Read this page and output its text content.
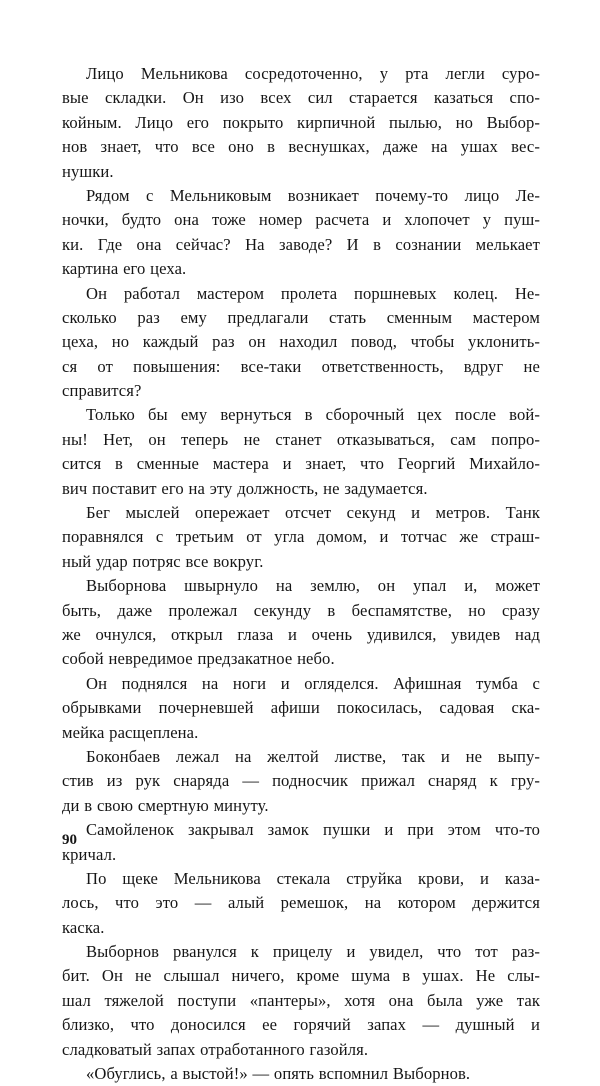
Лицо Мельникова сосредоточенно, у рта легли суро-
вые складки. Он изо всех сил старается казаться спо-
койным. Лицо его покрыто кирпичной пылью, но Выбор-
нов знает, что все оно в веснушках, даже на ушах вес-
нушки.
Рядом с Мельниковым возникает почему-то лицо Ле-
ночки, будто она тоже номер расчета и хлопочет у пуш-
ки. Где она сейчас? На заводе? И в сознании мелькает
картина его цеха.
Он работал мастером пролета поршневых колец. Не-
сколько раз ему предлагали стать сменным мастером
цеха, но каждый раз он находил повод, чтобы уклонить-
ся от повышения: все-таки ответственность, вдруг не
справится?
Только бы ему вернуться в сборочный цех после вой-
ны! Нет, он теперь не станет отказываться, сам попро-
сится в сменные мастера и знает, что Георгий Михайло-
вич поставит его на эту должность, не задумается.
Бег мыслей опережает отсчет секунд и метров. Танк
поравнялся с третьим от угла домом, и тотчас же страш-
ный удар потряс все вокруг.
Выборнова швырнуло на землю, он упал и, может
быть, даже пролежал секунду в беспамятстве, но сразу
же очнулся, открыл глаза и очень удивился, увидев над
собой невредимое предзакатное небо.
Он поднялся на ноги и огляделся. Афишная тумба с
обрывками почерневшей афиши покосилась, садовая ска-
мейка расщеплена.
Боконбаев лежал на желтой листве, так и не выпу-
стив из рук снаряда — подносчик прижал снаряд к гру-
ди в свою смертную минуту.
Самойленок закрывал замок пушки и при этом что-то
кричал.
По щеке Мельникова стекала струйка крови, и каза-
лось, что это — алый ремешок, на котором держится
каска.
Выборнов рванулся к прицелу и увидел, что тот раз-
бит. Он не слышал ничего, кроме шума в ушах. Не слы-
шал тяжелой поступи «пантеры», хотя она была уже так
близко, что доносился ее горячий запах — душный и
сладковатый запах отработанного газойля.
«Обуглись, а выстой!» — опять вспомнил Выборнов.
90
